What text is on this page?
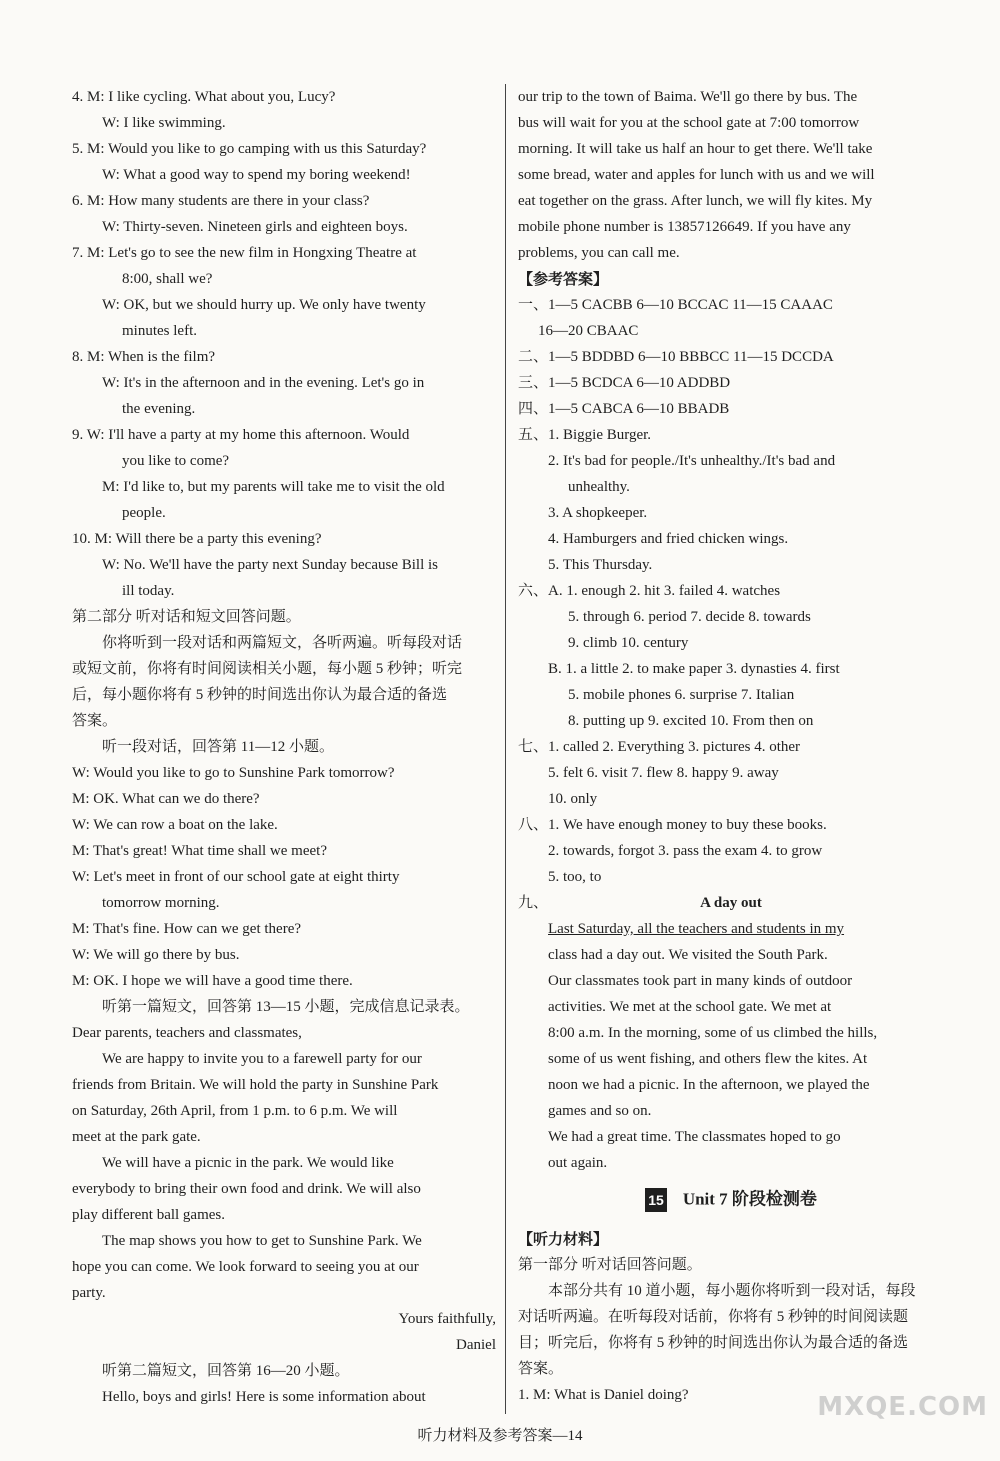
4. M: I like cycling. What about you, Lucy?
W: I like swimming.
5. M: Would you like to go camping with us this Saturday?
W: What a good way to spend my boring weekend!
6. M: How many students are there in your class?
W: Thirty-seven. Nineteen girls and eighteen boys.
7. M: Let's go to see the new film in Hongxing Theatre at
8:00, shall we?
W: OK, but we should hurry up. We only have twenty
minutes left.
8. M: When is the film?
W: It's in the afternoon and in the evening. Let's go in
the evening.
9. W: I'll have a party at my home this afternoon. Would
you like to come?
M: I'd like to, but my parents will take me to visit the old
people.
10. M: Will there be a party this evening?
W: No. We'll have the party next Sunday because Bill is
ill today.
第二部分 听对话和短文回答问题。
你将听到一段对话和两篇短文，各听两遍。听每段对话
或短文前，你将有时间阅读相关小题，每小题 5 秒钟；听完
后，每小题你将有 5 秒钟的时间选出你认为最合适的备选
答案。
听一段对话，回答第 11—12 小题。
W: Would you like to go to Sunshine Park tomorrow?
M: OK. What can we do there?
W: We can row a boat on the lake.
M: That's great! What time shall we meet?
W: Let's meet in front of our school gate at eight thirty
tomorrow morning.
M: That's fine. How can we get there?
W: We will go there by bus.
M: OK. I hope we will have a good time there.
听第一篇短文，回答第 13—15 小题，完成信息记录表。
Dear parents, teachers and classmates,
We are happy to invite you to a farewell party for our
friends from Britain. We will hold the party in Sunshine Park
on Saturday, 26th April, from 1 p.m. to 6 p.m. We will
meet at the park gate.
We will have a picnic in the park. We would like
everybody to bring their own food and drink. We will also
play different ball games.
The map shows you how to get to Sunshine Park. We
hope you can come. We look forward to seeing you at our
party.
Yours faithfully,
Daniel
听第二篇短文，回答第 16—20 小题。
Hello, boys and girls! Here is some information about
our trip to the town of Baima. We'll go there by bus. The
bus will wait for you at the school gate at 7:00 tomorrow
morning. It will take us half an hour to get there. We'll take
some bread, water and apples for lunch with us and we will
eat together on the grass. After lunch, we will fly kites. My
mobile phone number is 13857126649. If you have any
problems, you can call me.
【参考答案】
一、1—5 CACBB 6—10 BCCAC 11—15 CAAAC
16—20 CBAAC
二、1—5 BDDBD 6—10 BBBCC 11—15 DCCDA
三、1—5 BCDCA 6—10 ADDBD
四、1—5 CABCA 6—10 BBADB
五、1. Biggie Burger.
2. It's bad for people./It's unhealthy./It's bad and
unhealthy.
3. A shopkeeper.
4. Hamburgers and fried chicken wings.
5. This Thursday.
六、A. 1. enough 2. hit 3. failed 4. watches
5. through 6. period 7. decide 8. towards
9. climb 10. century
B. 1. a little 2. to make paper 3. dynasties 4. first
5. mobile phones 6. surprise 7. Italian
8. putting up 9. excited 10. From then on
七、1. called 2. Everything 3. pictures 4. other
5. felt 6. visit 7. flew 8. happy 9. away
10. only
八、1. We have enough money to buy these books.
2. towards, forgot 3. pass the exam 4. to grow
5. too, to
九、	A day out
Last Saturday, all the teachers and students in my
class had a day out. We visited the South Park.
Our classmates took part in many kinds of outdoor
activities. We met at the school gate. We met at
8:00 a.m. In the morning, some of us climbed the hills,
some of us went fishing, and others flew the kites. At
noon we had a picnic. In the afternoon, we played the
games and so on.
We had a great time. The classmates hoped to go
out again.
15 Unit 7 阶段检测卷
【听力材料】
第一部分 听对话回答问题。
本部分共有 10 道小题，每小题你将听到一段对话，每段
对话听两遍。在听每段对话前，你将有 5 秒钟的时间阅读题
目；听完后，你将有 5 秒钟的时间选出你认为最合适的备选
答案。
1. M: What is Daniel doing?
听力材料及参考答案—14
MXQE.COM
